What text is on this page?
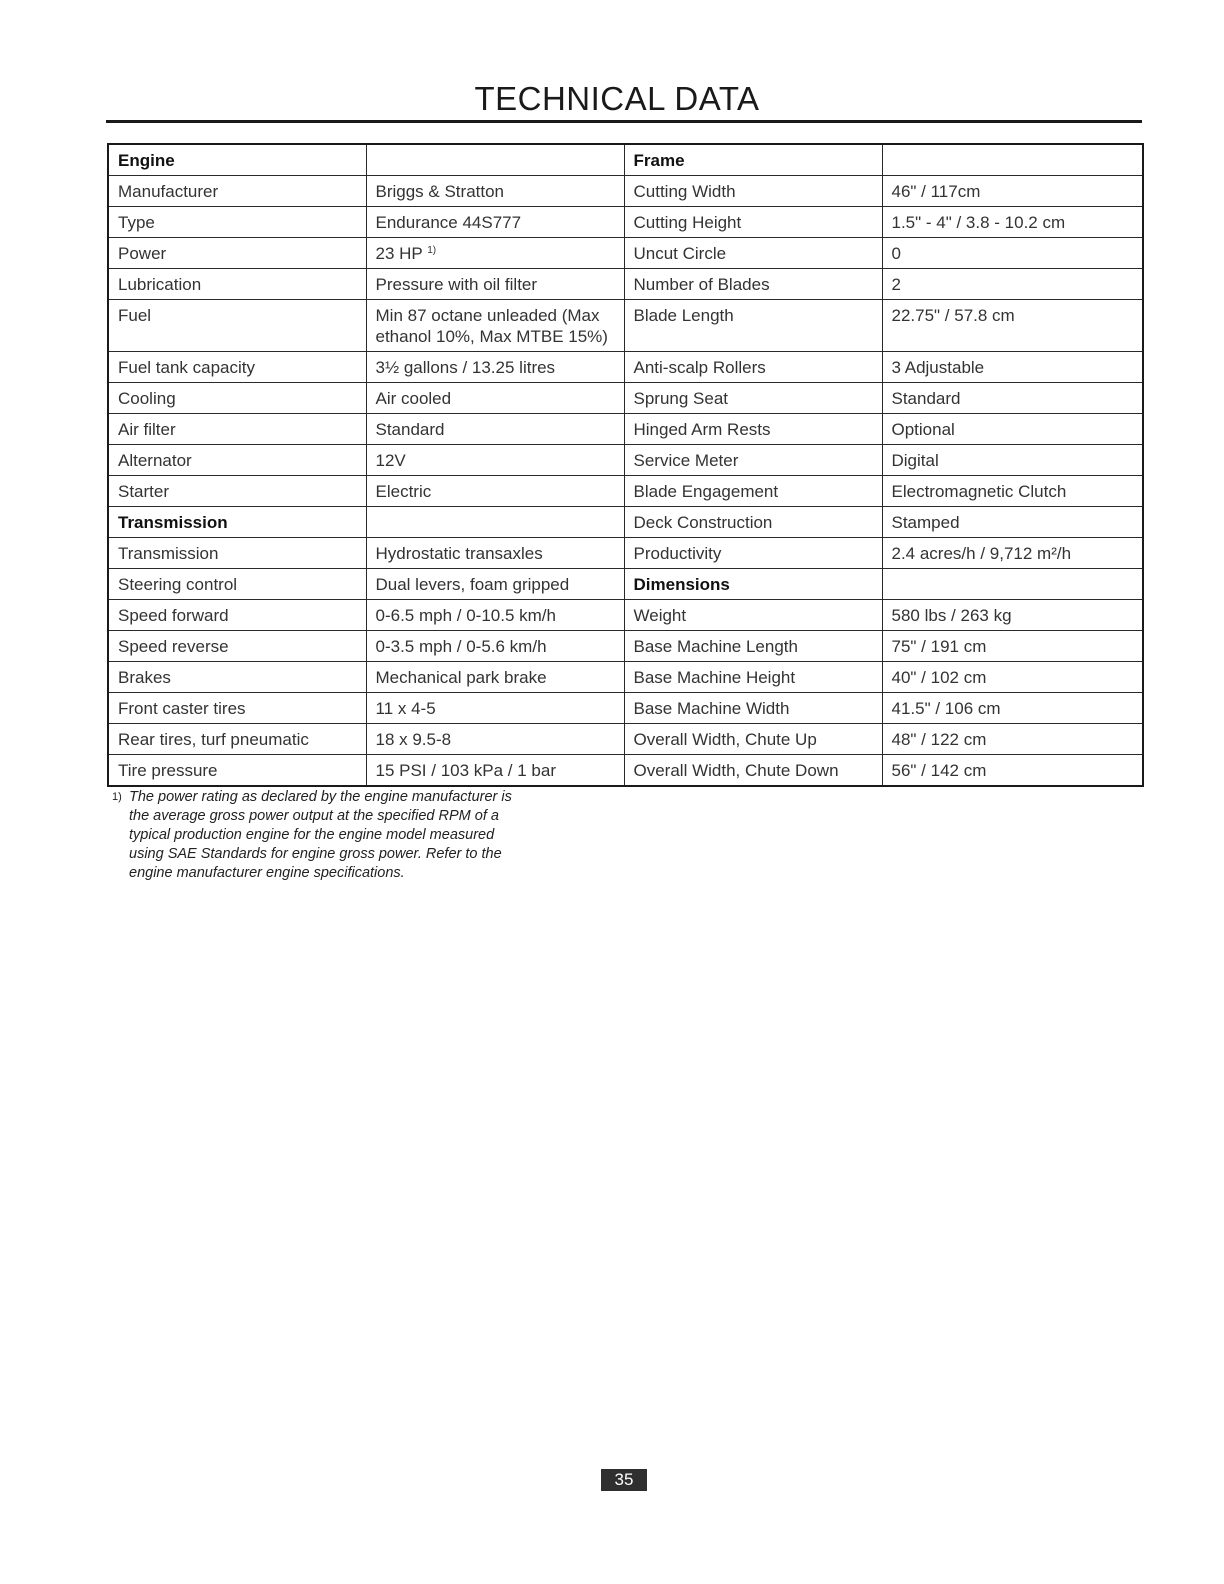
TECHNICAL DATA
Engine		Frame	
Manufacturer	Briggs & Stratton	Cutting Width	46" / 117cm
Type	Endurance 44S777	Cutting Height	1.5" - 4" / 3.8 - 10.2 cm
Power	23 HP $^{1)}$	Uncut Circle	0
Lubrication	Pressure with oil filter	Number of Blades	2
Fuel	Min 87 octane unleaded (Max ethanol 10%, Max MTBE 15%)	Blade Length	22.75" / 57.8 cm
Fuel tank capacity	3½ gallons / 13.25 litres	Anti-scalp Rollers	3 Adjustable
Cooling	Air cooled	Sprung Seat	Standard
Air filter	Standard	Hinged Arm Rests	Optional
Alternator	12V	Service Meter	Digital
Starter	Electric	Blade Engagement	Electromagnetic Clutch
Transmission		Deck Construction	Stamped
Transmission	Hydrostatic transaxles	Productivity	2.4 acres/h / 9,712 m²/h
Steering control	Dual levers, foam gripped	Dimensions	
Speed forward	0-6.5 mph / 0-10.5 km/h	Weight	580 lbs / 263 kg
Speed reverse	0-3.5 mph / 0-5.6 km/h	Base Machine Length	75" / 191 cm
Brakes	Mechanical park brake	Base Machine Height	40" / 102 cm
Front caster tires	11 x 4-5	Base Machine Width	41.5" / 106 cm
Rear tires, turf pneumatic	18 x 9.5-8	Overall Width, Chute Up	48" / 122 cm
Tire pressure	15 PSI / 103 kPa / 1 bar	Overall Width, Chute Down	56" / 142 cm
1) The power rating as declared by the engine manufacturer is the average gross power output at the specified RPM of a typical production engine for the engine model measured using SAE Standards for engine gross power. Refer to the engine manufacturer engine specifications.
35
